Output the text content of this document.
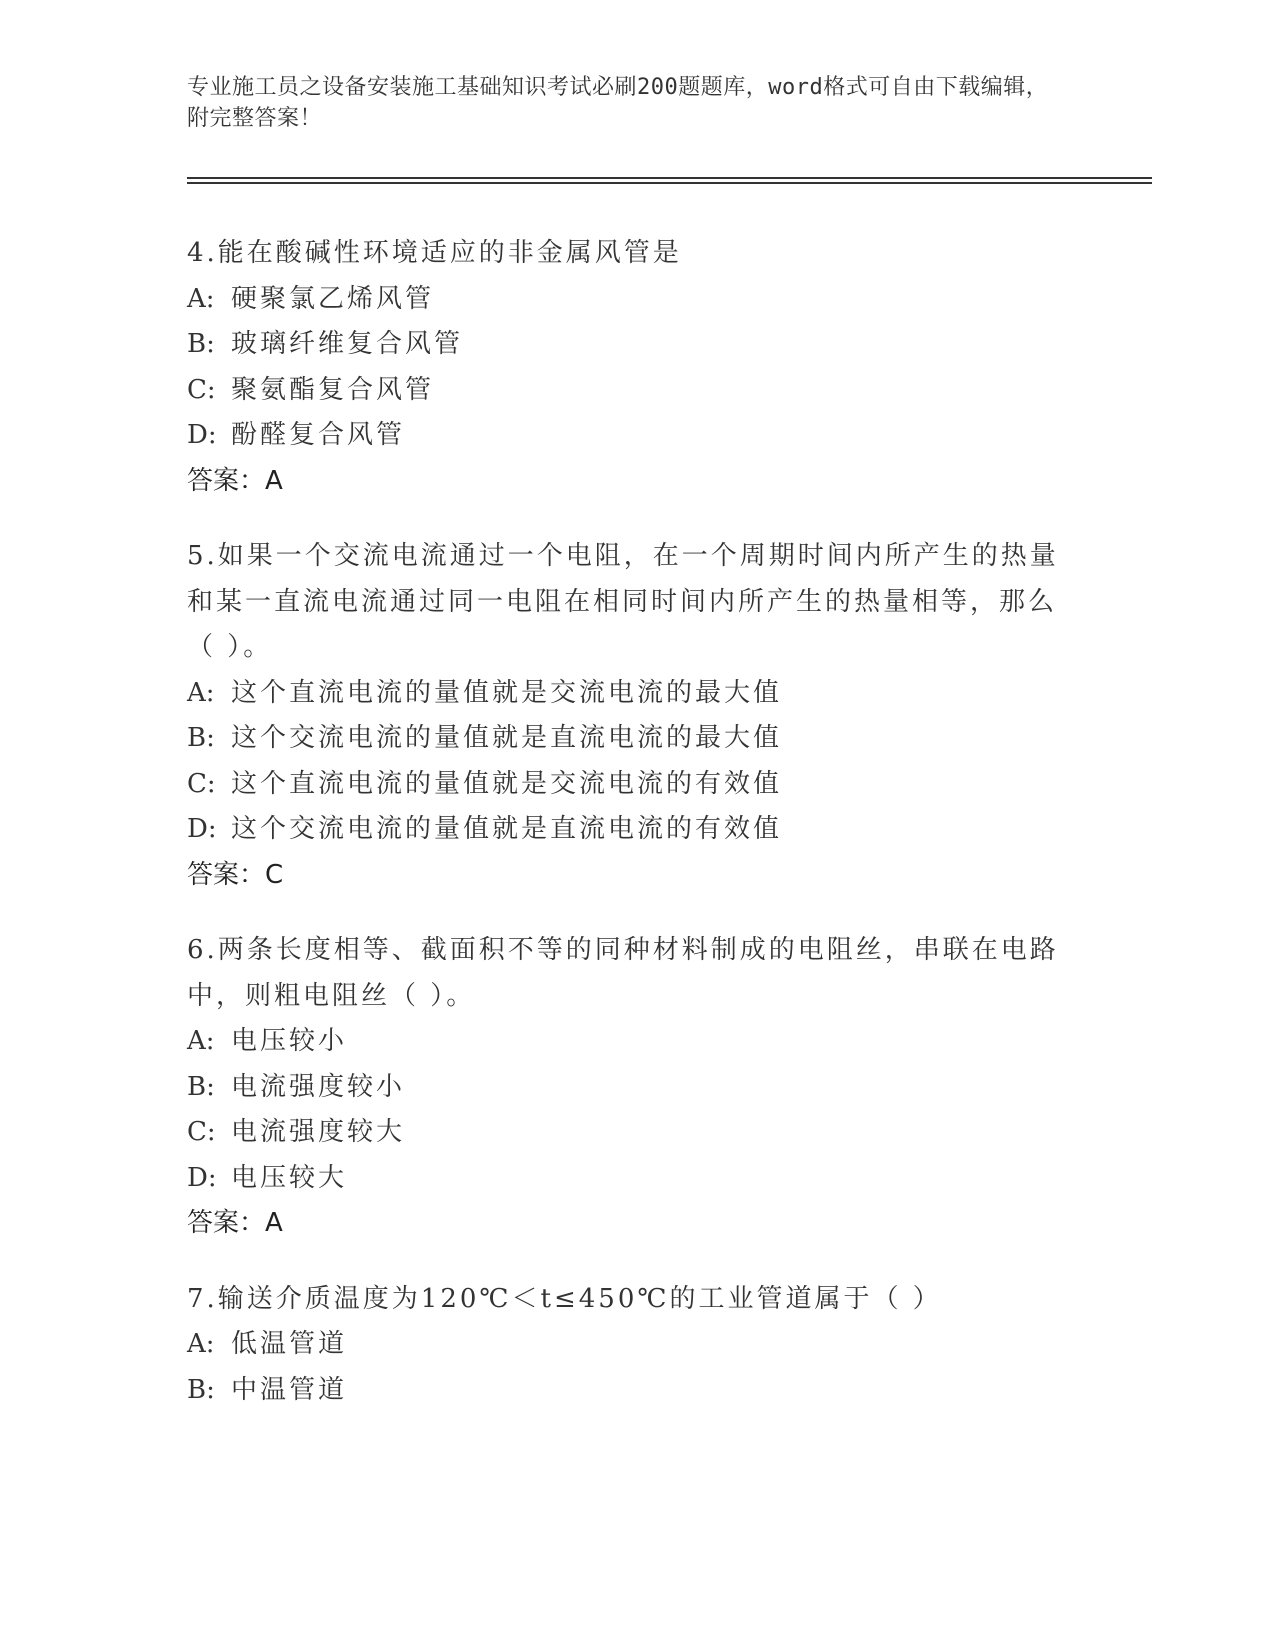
专业施工员之设备安装施工基础知识考试必刷200题题库，word格式可自由下载编辑，附完整答案！
4.能在酸碱性环境适应的非金属风管是
A: 硬聚氯乙烯风管
B: 玻璃纤维复合风管
C: 聚氨酯复合风管
D: 酚醛复合风管
答案：A
5.如果一个交流电流通过一个电阻，在一个周期时间内所产生的热量和某一直流电流通过同一电阻在相同时间内所产生的热量相等，那么（ ）。
A: 这个直流电流的量值就是交流电流的最大值
B: 这个交流电流的量值就是直流电流的最大值
C: 这个直流电流的量值就是交流电流的有效值
D: 这个交流电流的量值就是直流电流的有效值
答案：C
6.两条长度相等、截面积不等的同种材料制成的电阻丝，串联在电路中，则粗电阻丝（ ）。
A: 电压较小
B: 电流强度较小
C: 电流强度较大
D: 电压较大
答案：A
7.输送介质温度为120℃＜t≤450℃的工业管道属于（ ）
A: 低温管道
B: 中温管道
